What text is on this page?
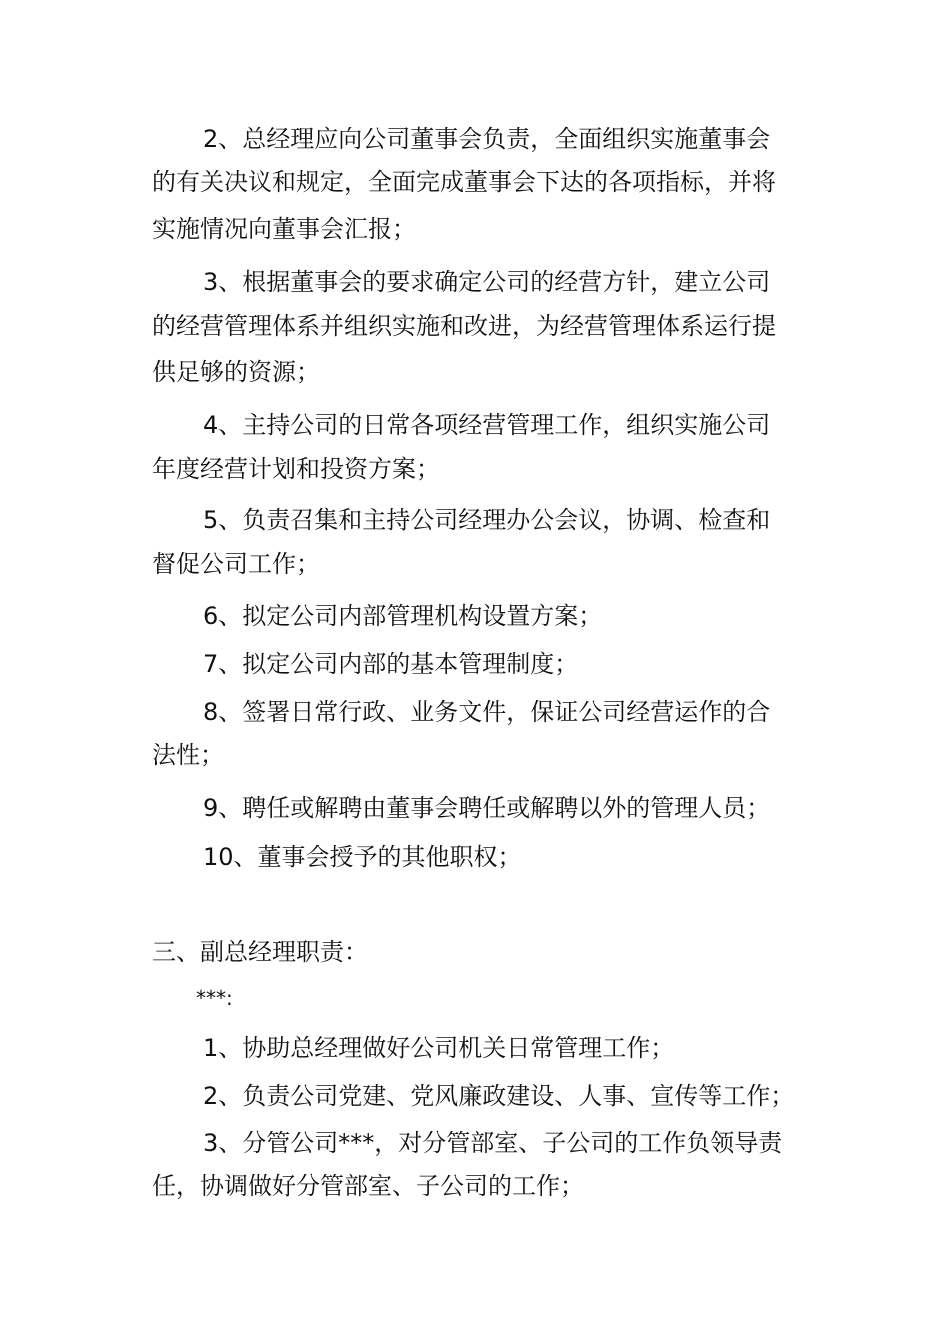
2、总经理应向公司董事会负责，全面组织实施董事会
的有关决议和规定，全面完成董事会下达的各项指标，并将
实施情况向董事会汇报；
3、根据董事会的要求确定公司的经营方针，建立公司
的经营管理体系并组织实施和改进，为经营管理体系运行提
供足够的资源；
4、主持公司的日常各项经营管理工作，组织实施公司
年度经营计划和投资方案；
5、负责召集和主持公司经理办公会议，协调、检查和
督促公司工作；
6、拟定公司内部管理机构设置方案；
7、拟定公司内部的基本管理制度；
8、签署日常行政、业务文件，保证公司经营运作的合
法性；
9、聘任或解聘由董事会聘任或解聘以外的管理人员；
10、董事会授予的其他职权；
三、副总经理职责：
***:
1、协助总经理做好公司机关日常管理工作；
2、负责公司党建、党风廉政建设、人事、宣传等工作；
3、分管公司***，对分管部室、子公司的工作负领导责
任，协调做好分管部室、子公司的工作；
